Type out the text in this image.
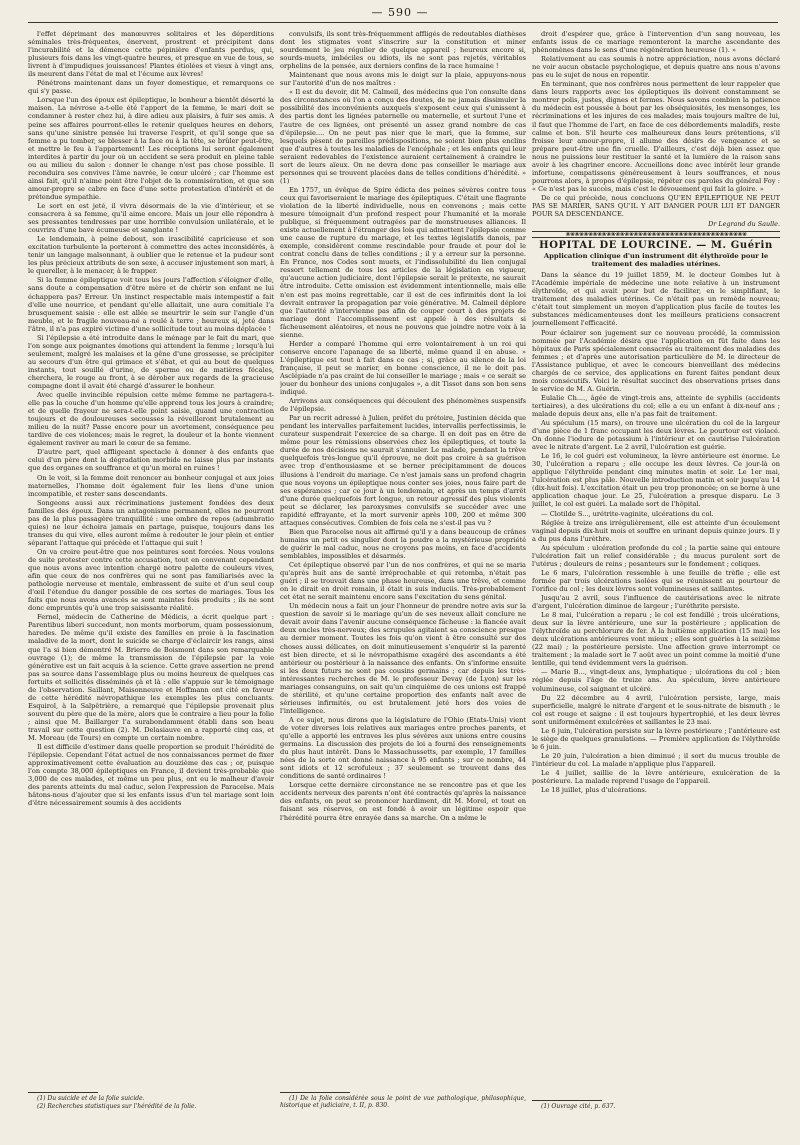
— 590 —

l'effet déprimant des manœuvres solitaires et les déperditions séminales très-fréquentes, énervent, prostrent et précipitent dans l'incurabilité et la démence cette pépinière d'enfants perdus, qui, plusieurs fois dans les vingt-quatre heures, et presque en vue de tous, se livrent à d'impudiques jouissances! Plantes étiolées et vieux à vingt ans, ils meurent dans l'état de mal et l'écume aux lèvres!

Pénétrons maintenant dans un foyer domestique, et remarquons ce qui s'y passe.

Lorsque l'un des époux est épileptique, le bonheur a bientôt déserté la maison. La névrose a-t-elle été l'apport de la femme, le mari doit se condamner à rester chez lui, à dire adieu aux plaisirs, à fuir ses amis. A peine ses affaires pourront-elles le retenir quelques heures en dehors, sans qu'une sinistre pensée lui traverse l'esprit, et qu'il songe que sa femme a pu tomber, se blesser à la face ou à la tête, se brûler peut-être, et mettre le feu à l'appartement! Les réceptions lui seront également interdites à partir du jour où un accident se sera produit en pleine table ou au milieu du salon : donner le change n'est pas chose possible. Il reconduira ses convives l'âme navrée, le cœur ulcéré ; car l'homme est ainsi fait, qu'il n'aime point être l'objet de la commisération, et que son amour-propre se cabre en face d'une sotte protestation d'intérêt et de prétendue sympathie.

Le sort en est jeté, il vivra désormais de la vie d'intérieur, et se consacrera à sa femme, qu'il aime encore. Mais un jour elle répondra à ses pressantes tendresses par une horrible convulsion unilatérale, et le couvrira d'une bave écumeuse et sanglante !

Le lendemain, à peine debout, son irascibilité capricieuse et son excitation turbulente la porteront à commettre des actes inconsidérés, à tenir un langage malsonnant, à oublier que le retenue et la pudeur sont les plus précieux attributs de son sexe, à accuser injustement son mari, à le quereller, à le menacer, à le frapper.

Si la femme épileptique voit tous les jours l'affection s'éloigner d'elle, sans doute a compensation d'être mère et de chérir son enfant ne lui échappera pas? Erreur. Un instinct respectable mais intempestif a fait d'elle une nourrice, et pendant qu'elle allaitait, une aura comitiale l'a brusquement saisie : elle est allée se meurtrir le sein sur l'angle d'un meuble, et le fragile nouveau-né a roulé à terre ; heureux si, jeté dans l'âtre, il n'a pas expiré victime d'une sollicitude tout au moins déplacée !

Si l'épilepsie a été introduite dans le ménage par le fait du mari, que l'on songe aux poignantes émotions qui attendent la femme ; lorsqu'à lui seulement, malgré les malaises et la gêne d'une grossesse, se précipiter au secours d'un être qui grimace et s'ébat, et qui au bout de quelques instants, tout souillé d'urine, de sperme ou de matières fécales, cherchera, le rouge au front, à se dérober aux regards de la gracieuse compagne dont il avait été chargé d'assurer le bonheur.

Avec quelle invincible répulsion cette même femme ne partagera-t-elle pas la couche d'un homme qu'elle apprend tous les jours à craindre; et de quelle frayeur ne sera-t-elle point saisie, quand une contraction toujours et de douloureuses secousses la réveilleront brutalement au milieu de la nuit? Passe encore pour un avortement, conséquence peu tardive de ces violences; mais le regret, la douleur et la honte viennent également raviver au mari le cœur de sa femme.

D'autre part, quel affligeant spectacle à donner à des enfants que celui d'un père dont la dégradation morbide ne laisse plus par instants que des organes en souffrance et qu'un moral en ruines !

On le voit, si la femme doit renoncer au bonheur conjugal et aux joies maternelles, l'homme doit également fuir les liens d'une union incompatible, et rester sans descendants.

Songeons aussi aux récriminations justement fondées des deux familles des époux. Dans un antagonisme permanent, elles ne pourront pas de la plus passagère tranquillité : une ombre de repos (adumbratio quies) ne leur échoira jamais en partage, puisque, toujours dans les transes du qui vive, elles auront même à redouter le jour plein et entier séparant l'attaque qui précède et l'attaque qui suit !

On va croire peut-être que nos peintures sont forcées. Nous voulons de suite protester contre cette accusation, tout en convenant cependant que nous avons avec intention chargé notre palette de couleurs vives, afin que ceux de nos confrères qui ne sont pas familiarisés avec la pathologie nerveuse et mentale, embrassent de suite et d'un seul coup d'œil l'étendue du danger possible de ces sortes de mariages. Tous les faits que nous avons avancés se sont maintes fois produits ; ils ne sont donc empruntés qu'à une trop saisissante réalité.

Fernel, médecin de Catherine de Médicis, a écrit quelque part : Parentibus liberi succedunt, non monts morborum, quam possessionum, haredes. De même qu'il existe des familles en proie à la fascination maladive de la mort, dont le suicide se charge d'éclaircir les rangs, ainsi que l'a si bien démontré M. Brierre de Boismont dans son remarquable ouvrage (1); de même la transmission de l'épilepsie par la voie générative est un fait acquis à la science. Cette grave assertion ne prend pas sa source dans l'assemblage plus ou moins heureux de quelques cas fortuits et sollicités disséminés çà et là : elle s'appuie sur le témoignage de l'observation. Saillant, Maisonneuve et Hoffmann ont cité en faveur de cette hérédité névropathique les exemples les plus concluants. Esquirol, à la Salpêtrière, a remarqué que l'épilepsie provenait plus souvent du père que de la mère, alors que le contraire a lieu pour la folie ; ainsi que M. Baillarger l'a surabondamment établi dans son beau travail sur cette question (2). M. Delasiauve en a rapporté cinq cas, et M. Moreau (de Tours) en compte un certain nombre.

Il est difficile d'estimer dans quelle proportion se produit l'hérédité de l'épilepsie. Cependant l'état actuel de nos connaissances permet de fixer approximativement cette évaluation au douzième des cas ; or, puisque l'on compte 38,000 épileptiques en France, il devient très-probable que 3,000 de ces malades, et même un peu plus, ont eu le malheur d'avoir des parents atteints du mal caduc, selon l'expression de Paracelse. Mais hâtons-nous d'ajouter que si les enfants issus d'un tel mariage sont loin d'être nécessairement soumis à des accidents

(1) Du suicide et de la folie suicide.

(2) Recherches statistiques sur l'hérédité de la folie.

convulsifs, ils sont très-fréquemment affligés de redoutables diathèses dont les stigmates vont s'inscrire sur la constitution et miner sourdement le jeu régulier de quelque appareil ; heureux encore si, sourds-muets, imbéciles ou idiots, ils ne sont pas rejetés, véritables orphelins de la pensée, aux derniers confins de la race humaine !

Maintenant que nous avons mis le doigt sur la plaie, appuyons-nous sur l'autorité d'un de nos maîtres :

« Il est du devoir, dit M. Calmeil, des médecins que l'on consulte dans des circonstances où l'on a conçu des doutes, de ne jamais dissimuler la possibilité des inconvénients auxquels s'exposent ceux qui s'unissent à des partis dont les lignées paternelle ou maternelle, et surtout l'une et l'autre de ces lignées, ont présenté un assez grand nombre de cas d'épilepsie.... On ne peut pas nier que le mari, que la femme, sur lesquels pèsent de pareilles prédispositions, ne soient bien plus enclins que d'autres à toutes les maladies de l'encéphale ; et les enfants qui leur seraient redevables de l'existence auraient certainement à craindre le sort de leurs aïeux. On ne devra donc pas conseiller le mariage aux personnes qui se trouvent placées dans de telles conditions d'hérédité. » (1)

En 1757, un évêque de Spire édicta des peines sévères contre tous ceux qui favoriseraient le mariage des épileptiques. C'était une flagrante violation de la liberté individuelle, nous en convenons ; mais cette mesure témoignait d'un profond respect pour l'humanité et la morale publique, si fréquemment outragées par de monstrueuses alliances. Il existe actuellement à l'étranger des lois qui admettent l'épilepsie comme une cause de rupture du mariage, et les textes législatifs danois, par exemple, considèrent comme rescindable pour fraude et pour dol le contrat conclu dans de telles conditions ; il y a erreur sur la personne. En France, nos Codes sont muets, et l'indissolubilité du lien conjugal ressort tellement de tous les articles de la législation en vigueur, qu'aucune action judiciaire, dont l'épilepsie serait le prétexte, ne saurait être introduite. Cette omission est évidemment intentionnelle, mais elle n'en est pas moins regrettable, car il est de ces infirmités dont la loi devrait entraver la propagation par voie générative. M. Calmeil déplore que l'autorité n'intervienne pas afin de couper court à des projets de mariage dont l'accomplissement est appelé à des résultats si fâcheusement aléatoires, et nous ne pouvons que joindre notre voix à la sienne.

Herder a comparé l'homme qui erre volontairement à un roi qui conserve encore l'apanage de sa liberté, même quand il en abuse. » L'épileptique est tout à fait dans ce cas ; si, grâce au silence de la loi française, il peut se marier, en bonne conscience, il ne le doit pas. Asclépiade n'a pas craint de lui conseiller le mariage ; mais « ce serait se jouer du bonheur des unions conjugales », a dit Tissot dans son bon sens indiqué.

Arrivons aux conséquences qui découlent des phénomènes suspensifs de l'épilepsie.

Par un recrit adressé à Julien, préfet du prétoire, Justinien décida que pendant les intervalles parfaitement lucides, intervallis perfectissimis, le curateur suspendrait l'exercice de sa charge. Il en doit pas en être de même pour les rémissions observées chez les épileptiques, et toute la durée de nos décisions ne saurait s'annuler. Le malade, pendant la trêve quelquefois très-longue qu'il éprouve, ne doit pas croire à sa guérison avec trop d'enthousiasme et se berner précipitamment de douces illusions à l'endroit du mariage. Ce n'est jamais sans un profond chagrin que nous voyons un épileptique nous conter ses joies, nous faire part de ses espérances ; car ce jour à un lendemain, et après un temps d'arrêt d'une durée quelquefois fort longue, un retour agressif des plus violents peut se déclarer, les paroxysmes convulsifs se succéder avec une rapidité effrayante, et la mort survenir après 100, 200 et même 300 attaques consécutives. Combien de fois cela ne s'est-il pas vu ?

Bien que Paracelse nous ait affirmé qu'il y a dans beaucoup de crânes humains un petit os singulier dont la poudre a la mystérieuse propriété de guérir le mal caduc, nous ne croyons pas moins, en face d'accidents semblables, impossibles et désarmés.

Cet épileptique observé par l'un de nos confrères, et qui ne se maria qu'après huit ans de santé irréprochable et qui retomba, n'était pas guéri ; il se trouvait dans une phase heureuse, dans une trêve, et comme on le dirait en droit romain, il était in suis induciis. Très-probablement cet état ne serait maintenu encore sans l'excitation du sens génital.

Un médecin nous a fait un jour l'honneur de prendre notre avis sur la question de savoir si le mariage qu'un de ses neveux allait conclure ne devait avoir dans l'avenir aucune conséquence fâcheuse : la fiancée avait deux oncles très-nerveux; des scrupules agitaient sa conscience presque au dernier moment. Toutes les fois qu'on vient à être consulté sur des choses aussi délicates, on doit minutieusement s'enquérir si la parenté est bien directe, et si le névropathisme exagéré des ascendants a été antérieur ou postérieur à la naissance des enfants. On s'informe ensuite si les deux futurs ne sont pas cousins germains ; car depuis les très-intéressantes recherches de M. le professeur Devay (de Lyon) sur les mariages consanguins, on sait qu'un cinquième de ces unions est frappé de stérilité, et qu'une certaine proportion des enfants naît avec de sérieuses infirmités, ou est brutalement jeté hors des voies de l'intelligence.

A ce sujet, nous dirons que la législature de l'Ohio (Etats-Unis) vient de voter diverses lois relatives aux mariages entre proches parents, et qu'elle a apporté les entraves les plus sévères aux unions entre cousins germains. La discussion des projets de loi a fourni des renseignements du plus haut intérêt. Dans le Massachussetts, par exemple, 17 familles nées de la sorte ont donné naissance à 95 enfants ; sur ce nombre, 44 sont idiots et 12 scrofuleux ; 37 seulement se trouvent dans des conditions de santé ordinaires !

Lorsque cette dernière circonstance ne se rencontre pas et que les accidents nerveux des parents n'ont été contractés qu'après la naissance des enfants, on peut se prononcer hardiment, dit M. Morel, et tout en faisant ses réserves, on est fondé à avoir un légitime espoir que l'hérédité pourra être enrayée dans sa marche. On a même le

(1) De la folie considérée sous le point de vue pathologique, philosophique, historique et judiciaire, t. II, p. 830.

droit d'espérer que, grâce à l'intervention d'un sang nouveau, les enfants issus de ce mariage remonteront la marche ascendante des phénomènes dans le sens d'une régénération heureuse (1). »

Relativement au cas soumis à notre appréciation, nous avons déclaré ne voir aucun obstacle psychologique, et depuis quatre ans nous n'avons pas eu le sujet de nous en repentir.

En terminant, que nos confrères nous permettent de leur rappeler que dans leurs rapports avec les épileptiques ils doivent constamment se montrer polis, justes, dignes et fermes. Nous savons combien la patience du médecin est poussée à bout par les obséquiosités, les mensonges, les récriminations et les injures de ces malades; mais toujours maître de lui, il faut que l'homme de l'art, en face de ces débordements maladifs, reste calme et bon. S'il heurte ces malheureux dans leurs prétentions, s'il froisse leur amour-propre, il allume des désirs de vengeance et se prépare peut-être une fin cruelle. D'ailleurs, c'est déjà bien assez que nous ne puissions leur restituer la santé et la lumière de la raison sans avoir à les chagriner encore. Accueillons donc avec intérêt leur grande infortune, compatissons généreusement à leurs souffrances, et nous pourrons alors, à propos d'épilepsie, répéter ces paroles du général Foy : « Ce n'est pas le succès, mais c'est le dévouement qui fait la gloire. »

De ce qui précède, nous concluons QU'EN ÉPILEPTIQUE NE PEUT PAS SE MARIER, SANS QU'IL Y AIT DANGER POUR LUI ET DANGER POUR SA DESCENDANCE.

Dr Legrand du Saulle.
❀❀❀❀❀❀❀❀❀❀❀❀❀❀❀❀❀❀❀❀❀❀❀❀❀❀❀❀❀❀❀❀❀❀❀❀❀❀❀❀
HOPITAL DE LOURCINE. — M. Guérin
Application clinique d'un instrument dit élythroïde pour le traitement des maladies utérines.

Dans la séance du 19 juillet 1859, M. le docteur Gombes lut à l'Académie impériale de médecine une note relative à un instrument élythroïde, et qui avait pour but de faciliter, en le simplifiant, le traitement des maladies utérines. Ce n'était pas un remède nouveau; c'était tout simplement un moyen d'application plus facile de toutes les substances médicamenteuses dont les meilleurs praticiens consacrent journellement l'efficacité.

Pour éclairer son jugement sur ce nouveau procédé, la commission nommée par l'Académie désira que l'application en fût faite dans les hôpitaux de Paris spécialement consacrés au traitement des maladies des femmes ; et d'après une autorisation particulière de M. le directeur de l'Assistance publique, et avec le concours bienveillant des médecins chargés de ce service, des applications en furent faites pendant deux mois consécutifs. Voici le résultat succinct des observations prises dans le service de M. A. Guérin.

Eulalie Ch...., âgée de vingt-trois ans, atteinte de syphilis (accidents tertiaires), a des ulcérations du col; elle a eu un enfant à dix-neuf ans ; malade depuis deux ans, elle n'a pas fait de traitement.

Au spéculum (15 mars), on trouve une ulcération du col de la largeur d'une pièce de 1 franc occupant les deux lèvres. Le pourtour est violacé. On donne l'iodure de potassium à l'intérieur et on cautérise l'ulcération avec le nitrate d'argent. Le 2 avril, l'ulcération est guérie.

Le 16, le col guéri est volumineux, la lèvre antérieure est énorme. Le 30, l'ulcération a reparu ; elle occupe les deux lèvres. Ce jour-là on applique l'élythroïde pendant cinq minutes matin et soir. Le 1er mai, l'ulcération est plus pâle. Nouvelle introduction matin et soir jusqu'au 14 (dix-huit fois). L'excitation était un peu trop prononcée; on se borne à une application chaque jour. Le 25, l'ulcération a presque disparu. Le 3 juillet, le col est guéri. La malade sort de l'hôpital.

— Clotilde S..., urétrite-vaginite, ulcérations du col.

Réglée à treize ans irrégulièrement, elle est atteinte d'un écoulement vaginal depuis dix-huit mois et souffre en urinant depuis quinze jours. Il y a du pus dans l'urèthre.

Au spéculum : ulcération profonde du col ; la partie saine qui entoure l'ulcération fait un relief considérable ; du mucus purulent sort de l'utérus ; douleurs de reins ; pesanteurs sur le fondement ; coliques.

Le 6 mars, l'ulcération ressemble à une feuille de trèfle ; elle est formée par trois ulcérations isolées qui se réunissent au pourtour de l'orifice du col ; les deux lèvres sont volumineuses et saillantes.

Jusqu'au 2 avril, sous l'influence de cautérisations avec le nitrate d'argent, l'ulcération diminue de largeur ; l'uréthrite persiste.

Le 8 mai, l'ulcération a reparu ; le col est fendillé ; trois ulcérations, deux sur la lèvre antérieure, une sur la postérieure ; application de l'élythroïde au perchlorure de fer. À la huitième application (15 mai) les deux ulcérations antérieures vont mieux ; elles sont guéries à la seizième (22 mai) ; la postérieure persiste. Une affection grave interrompt ce traitement ; la malade sort le 7 août avec un point comme la moitié d'une lentille, qui tend évidemment vers la guérison.

— Marie B..., vingt-deux ans, lymphatique ; ulcérations du col ; bien réglée depuis l'âge de treize ans. Au spéculum, lèvre antérieure volumineuse, col saignant et ulcéré.

Du 22 décembre au 4 avril, l'ulcération persiste, large, mais superficielle, malgré le nitrate d'argent et le sous-nitrate de bismuth ; le col est rouge et saigne : il est toujours hypertrophié, et les deux lèvres sont uniformément exulcérées et saillantes le 23 mai.

Le 6 juin, l'ulcération persiste sur la lèvre postérieure ; l'antérieure est le siège de quelques granulations. — Première application de l'élythroïde le 6 juin.

Le 20 juin, l'ulcération a bien diminué ; il sort du mucus trouble de l'intérieur du col. La malade n'applique plus l'appareil.

Le 4 juillet, saillie de la lèvre antérieure, exulcération de la postérieure. La malade reprend l'usage de l'appareil.

Le 18 juillet, plus d'ulcérations.

(1) Ouvrage cité, p. 637.
